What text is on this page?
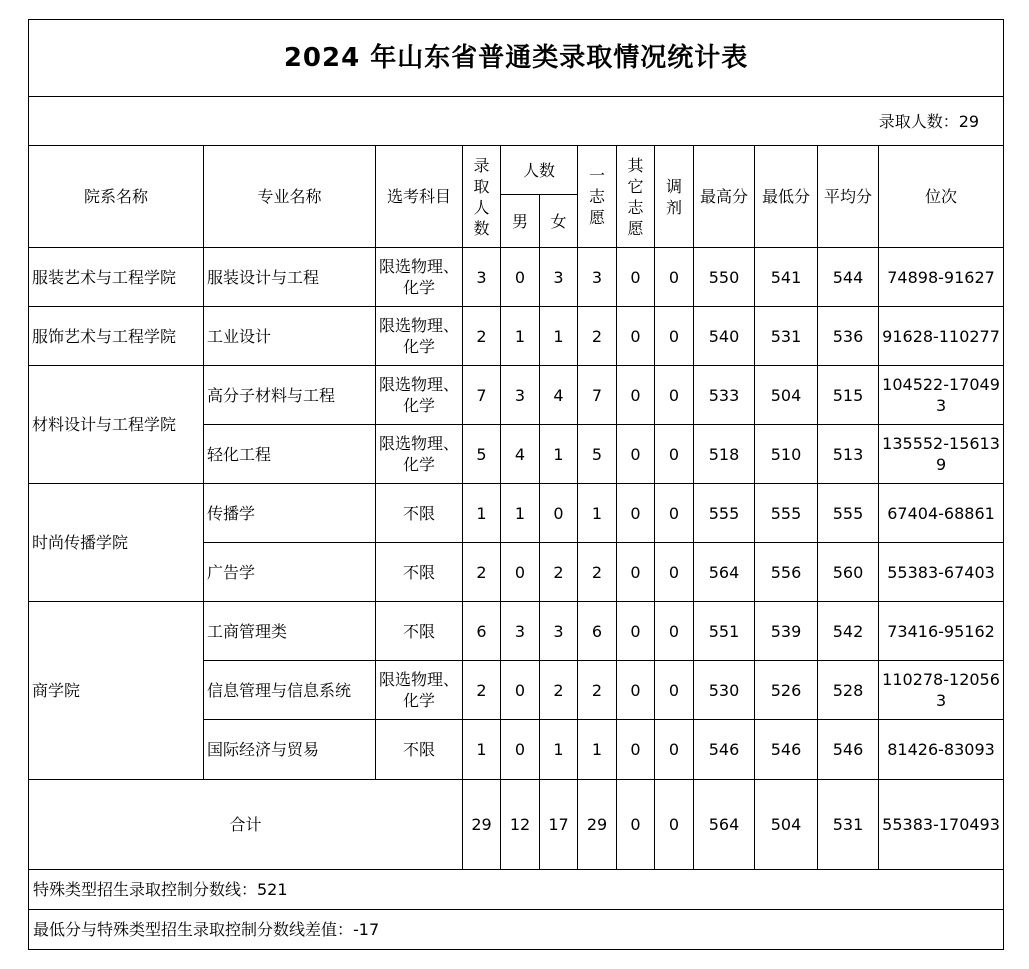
2024 年山东省普通类录取情况统计表												
录取人数：29												
院系名称	专业名称	选考科目	录取人数	人数		一志愿	其它志愿	调剂	最高分	最低分	平均分	位次
				男	女							
服装艺术与工程学院	服装设计与工程	限选物理、化学	3	0	3	3	0	0	550	541	544	74898-91627
服饰艺术与工程学院	工业设计	限选物理、化学	2	1	1	2	0	0	540	531	536	91628-110277
材料设计与工程学院	高分子材料与工程	限选物理、化学	7	3	4	7	0	0	533	504	515	104522-170493
	轻化工程	限选物理、化学	5	4	1	5	0	0	518	510	513	135552-156139
时尚传播学院	传播学	不限	1	1	0	1	0	0	555	555	555	67404-68861
	广告学	不限	2	0	2	2	0	0	564	556	560	55383-67403
商学院	工商管理类	不限	6	3	3	6	0	0	551	539	542	73416-95162
	信息管理与信息系统	限选物理、化学	2	0	2	2	0	0	530	526	528	110278-120563
	国际经济与贸易	不限	1	0	1	1	0	0	546	546	546	81426-83093
合计			29	12	17	29	0	0	564	504	531	55383-170493
特殊类型招生录取控制分数线：521												
最低分与特殊类型招生录取控制分数线差值：-17												
